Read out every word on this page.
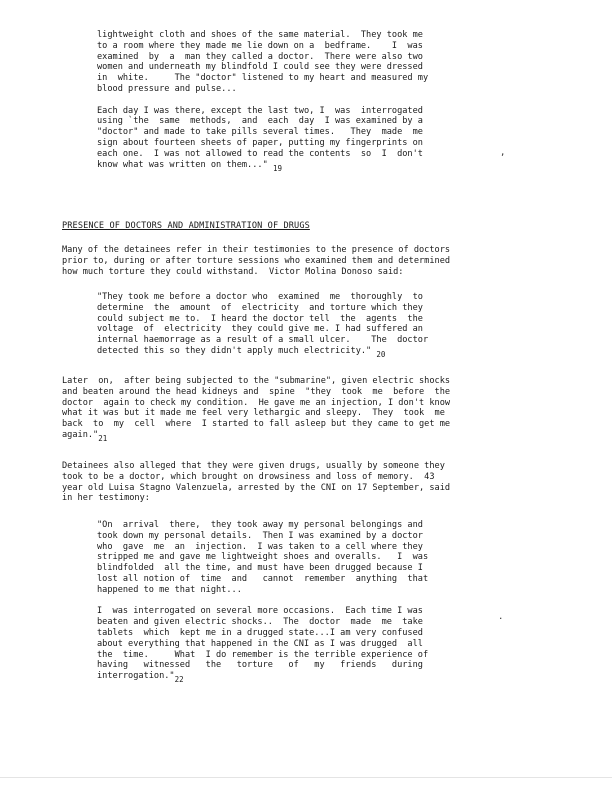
lightweight cloth and shoes of the same material.  They took me
to a room where they made me lie down on a  bedframe.    I  was
examined  by  a  man they called a doctor.  There were also two
women and underneath my blindfold I could see they were dressed
in  white.     The "doctor" listened to my heart and measured my
blood pressure and pulse...

Each day I was there, except the last two, I  was  interrogated
using `the  same  methods,  and  each  day  I was examined by a
"doctor" and made to take pills several times.   They  made  me
sign about fourteen sheets of paper, putting my fingerprints on
each one.  I was not allowed to read the contents  so  I  don't
know what was written on them..." 19
PRESENCE OF DOCTORS AND ADMINISTRATION OF DRUGS
Many of the detainees refer in their testimonies to the presence of doctors
prior to, during or after torture sessions who examined them and determined
how much torture they could withstand.  Victor Molina Donoso said:
"They took me before a doctor who  examined  me  thoroughly  to
determine  the  amount  of  electricity  and torture which they
could subject me to.  I heard the doctor tell  the  agents  the
voltage  of  electricity  they could give me. I had suffered an
internal haemorrage as a result of a small ulcer.    The  doctor
detected this so they didn't apply much electricity." 20
Later  on,  after being subjected to the "submarine", given electric shocks
and beaten around the head kidneys and  spine  "they  took  me  before  the
doctor  again to check my condition.  He gave me an injection, I don't know
what it was but it made me feel very lethargic and sleepy.  They  took  me
back  to  my  cell  where  I started to fall asleep but they came to get me
again."21
Detainees also alleged that they were given drugs, usually by someone they
took to be a doctor, which brought on drowsiness and loss of memory.  43
year old Luisa Stagno Valenzuela, arrested by the CNI on 17 September, said
in her testimony:
"On  arrival  there,  they took away my personal belongings and
took down my personal details.  Then I was examined by a doctor
who  gave  me  an  injection.  I was taken to a cell where they
stripped me and gave me lightweight shoes and overalls.   I  was
blindfolded  all the time, and must have been drugged because I
lost all notion of  time  and   cannot  remember  anything  that
happened to me that night...

I  was interrogated on several more occasions.  Each time I was
beaten and given electric shocks..  The  doctor  made  me  take
tablets  which  kept me in a drugged state...I am very confused
about everything that happened in the CNI as I was drugged  all
the  time.     What  I do remember is the terrible experience of
having   witnessed   the   torture   of   my   friends   during
interrogation."22
,
.
